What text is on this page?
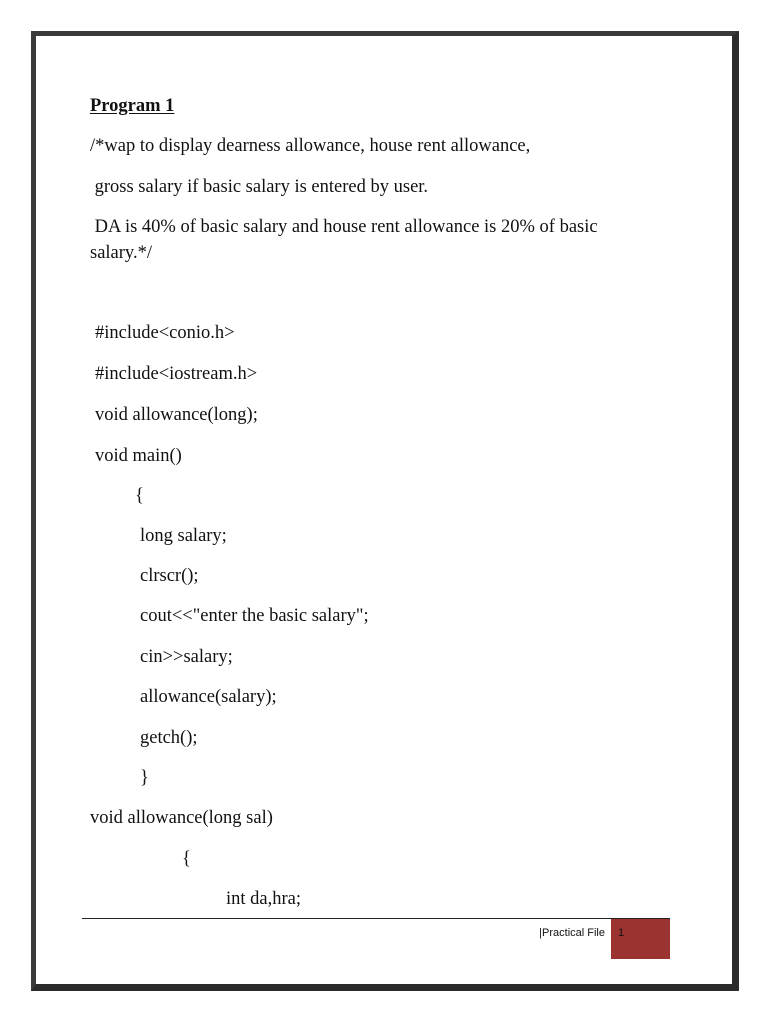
Program 1

/*wap to display dearness allowance, house rent allowance,

gross salary if basic salary is entered by user.

DA is 40% of basic salary and house rent allowance is 20% of basic

salary.*/

#include<conio.h>

#include<iostream.h>

void allowance(long);

void main()

{

long salary;

clrscr();

cout<<"enter the basic salary";

cin>>salary;

allowance(salary);

getch();

}

void allowance(long sal)

{

int da,hra;

|Practical File 1
